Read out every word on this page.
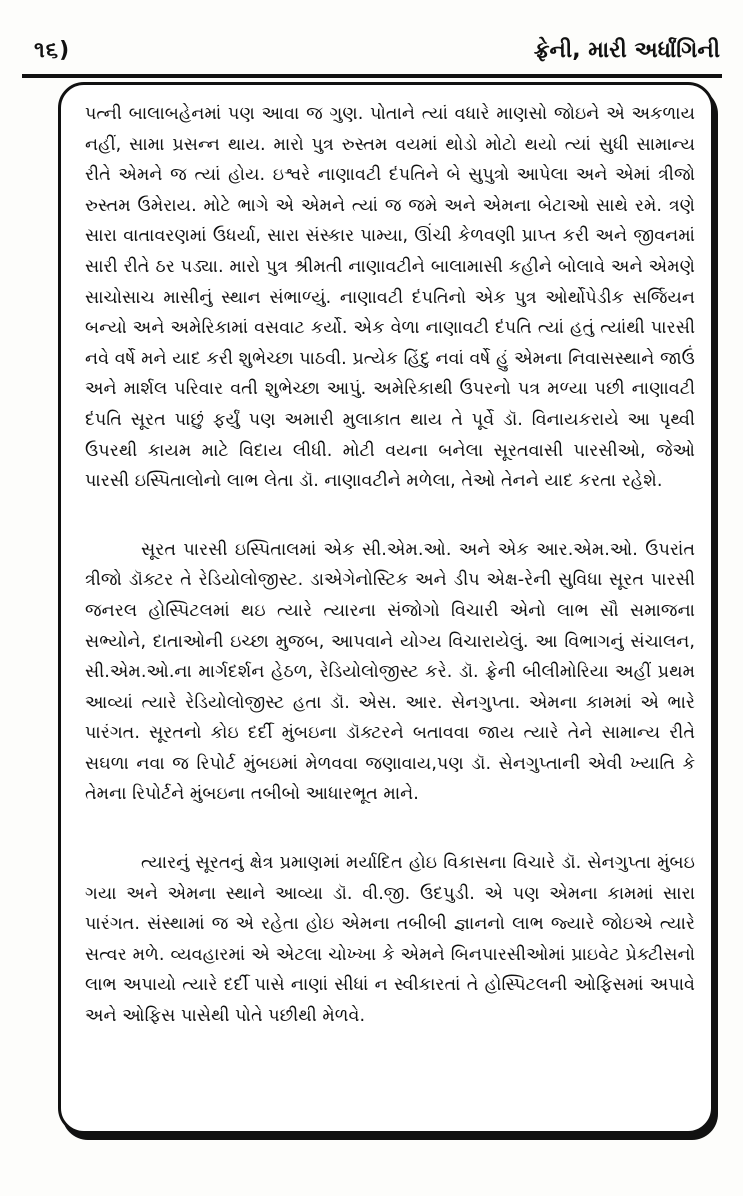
૧૬)	ફ્રેની, મારી અર્ધાંગિની

પત્ની બાલાબહેનમાં પણ આવા જ ગુણ. પોતાને ત્યાં વધારે માણસો જોઇને એ અકળાય નહીં, સામા પ્રસન્ન થાય. મારો પુત્ર રુસ્તમ વયમાં થોડો મોટો થયો ત્યાં સુધી સામાન્ય રીતે એમને જ ત્યાં હોય. ઇશ્વરે નાણાવટી દંપતિને બે સુપુત્રો આપેલા અને એમાં ત્રીજો રુસ્તમ ઉમેરાય. મોટે ભાગે એ એમને ત્યાં જ જમે અને એમના બેટાઓ સાથે રમે. ત્રણે સારા વાતાવરણમાં ઉધર્યા, સારા સંસ્કાર પામ્યા, ઊંચી કેળવણી પ્રાપ્ત કરી અને જીવનમાં સારી રીતે ઠર પડ્યા. મારો પુત્ર શ્રીમતી નાણાવટીને બાલામાસી કહીને બોલાવે અને એમણે સાચોસાચ માસીનું સ્થાન સંભાળ્યું. નાણાવટી દંપતિનો એક પુત્ર ઓર્થોપેડીક સર્જિયન બન્યો અને અમેરિકામાં વસવાટ કર્યો. એક વેળા નાણાવટી દંપતિ ત્યાં હતું ત્યાંથી પારસી નવે વર્ષે મને યાદ કરી શુભેચ્છા પાઠવી. પ્રત્યેક હિંદુ નવાં વર્ષે હું એમના નિવાસસ્થાને જાઉં અને માર્શલ પરિવાર વતી શુભેચ્છા આપું. અમેરિકાથી ઉપરનો પત્ર મળ્યા પછી નાણાવટી દંપતિ સૂરત પાછું ફર્યું પણ અમારી મુલાકાત થાય તે પૂર્વે ડૉ. વિનાયકરાયે આ પૃથ્વી ઉપરથી કાયમ માટે વિદાય લીધી. મોટી વયના બનેલા સૂરતવાસી પારસીઓ, જેઓ પારસી ઇસ્પિતાલોનો લાભ લેતા ડૉ. નાણાવટીને મળેલા, તેઓ તેનને યાદ કરતા રહેશે.

સૂરત પારસી ઇસ્પિતાલમાં એક સી.એમ.ઓ. અને એક આર.એમ.ઓ. ઉપરાંત ત્રીજો ડૉક્ટર તે રેડિયોલોજીસ્ટ. ડાએગેનોસ્ટિક અને ડીપ એક્ષ-રેની સુવિધા સૂરત પારસી જનરલ હોસ્પિટલમાં થઇ ત્યારે ત્યારના સંજોગો વિચારી એનો લાભ સૌ સમાજના સભ્યોને, દાતાઓની ઇચ્છા મુજબ, આપવાને યોગ્ય વિચારાયેલું. આ વિભાગનું સંચાલન, સી.એમ.ઓ.ના માર્ગદર્શન હેઠળ, રેડિયોલોજીસ્ટ કરે. ડૉ. ફ્રેની બીલીમોરિયા અહીં પ્રથમ આવ્યાં ત્યારે રેડિયોલોજીસ્ટ હતા ડૉ. એસ. આર. સેનગુપ્તા. એમના કામમાં એ ભારે પારંગત. સૂરતનો કોઇ દર્દી મુંબઇના ડૉક્ટરને બતાવવા જાય ત્યારે તેને સામાન્ય રીતે સઘળા નવા જ રિપોર્ટ મુંબઇમાં મેળવવા જણાવાય,પણ ડૉ. સેનગુપ્તાની એવી ખ્યાતિ કે તેમના રિપોર્ટને મુંબઇના તબીબો આધારભૂત માને.

ત્યારનું સૂરતનું ક્ષેત્ર પ્રમાણમાં મર્યાદિત હોઇ વિકાસના વિચારે ડૉ. સેનગુપ્તા મુંબઇ ગયા અને એમના સ્થાને આવ્યા ડૉ. વી.જી. ઉદપુડી. એ પણ એમના કામમાં સારા પારંગત. સંસ્થામાં જ એ રહેતા હોઇ એમના તબીબી જ્ઞાનનો લાભ જ્યારે જોઇએ ત્યારે સત્વર મળે. વ્યવહારમાં એ એટલા ચોખ્ખા કે એમને બિનપારસીઓમાં પ્રાઇવેટ પ્રેક્ટીસનો લાભ અપાયો ત્યારે દર્દી પાસે નાણાં સીધાં ન સ્વીકારતાં તે હોસ્પિટલની ઓફિસમાં અપાવે અને ઓફિસ પાસેથી પોતે પછીથી મેળવે.
